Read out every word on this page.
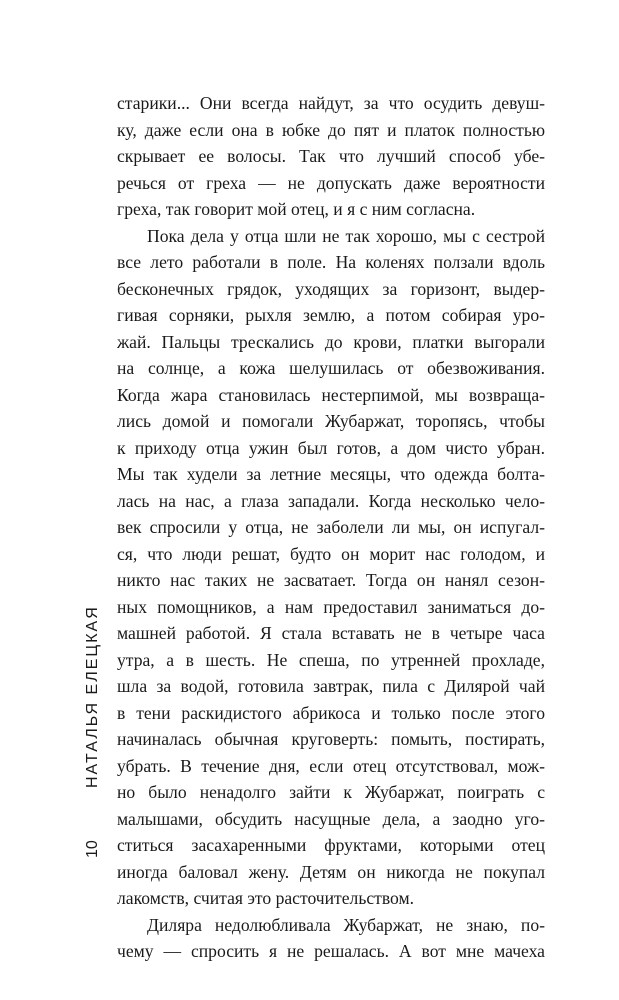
старики... Они всегда найдут, за что осудить девуш-
ку, даже если она в юбке до пят и платок полностью
скрывает ее волосы. Так что лучший способ убе-
речься от греха — не допускать даже вероятности
греха, так говорит мой отец, и я с ним согласна.
Пока дела у отца шли не так хорошо, мы с сестрой
все лето работали в поле. На коленях ползали вдоль
бесконечных грядок, уходящих за горизонт, выдер-
гивая сорняки, рыхля землю, а потом собирая уро-
жай. Пальцы трескались до крови, платки выгорали
на солнце, а кожа шелушилась от обезвоживания.
Когда жара становилась нестерпимой, мы возвраща-
лись домой и помогали Жубаржат, торопясь, чтобы
к приходу отца ужин был готов, а дом чисто убран.
Мы так худели за летние месяцы, что одежда болта-
лась на нас, а глаза западали. Когда несколько чело-
век спросили у отца, не заболели ли мы, он испугал-
ся, что люди решат, будто он морит нас голодом, и
никто нас таких не засватает. Тогда он нанял сезон-
ных помощников, а нам предоставил заниматься до-
машней работой. Я стала вставать не в четыре часа
утра, а в шесть. Не спеша, по утренней прохладе,
шла за водой, готовила завтрак, пила с Дилярой чай
в тени раскидистого абрикоса и только после этого
начиналась обычная круговерть: помыть, постирать,
убрать. В течение дня, если отец отсутствовал, мож-
но было ненадолго зайти к Жубаржат, поиграть с
малышами, обсудить насущные дела, а заодно уго-
ститься засахаренными фруктами, которыми отец
иногда баловал жену. Детям он никогда не покупал
лакомств, считая это расточительством.
Диляра недолюбливала Жубаржат, не знаю, по-
чему — спросить я не решалась. А вот мне мачеха
НАТАЛЬЯ ЕЛЕЦКАЯ
10
